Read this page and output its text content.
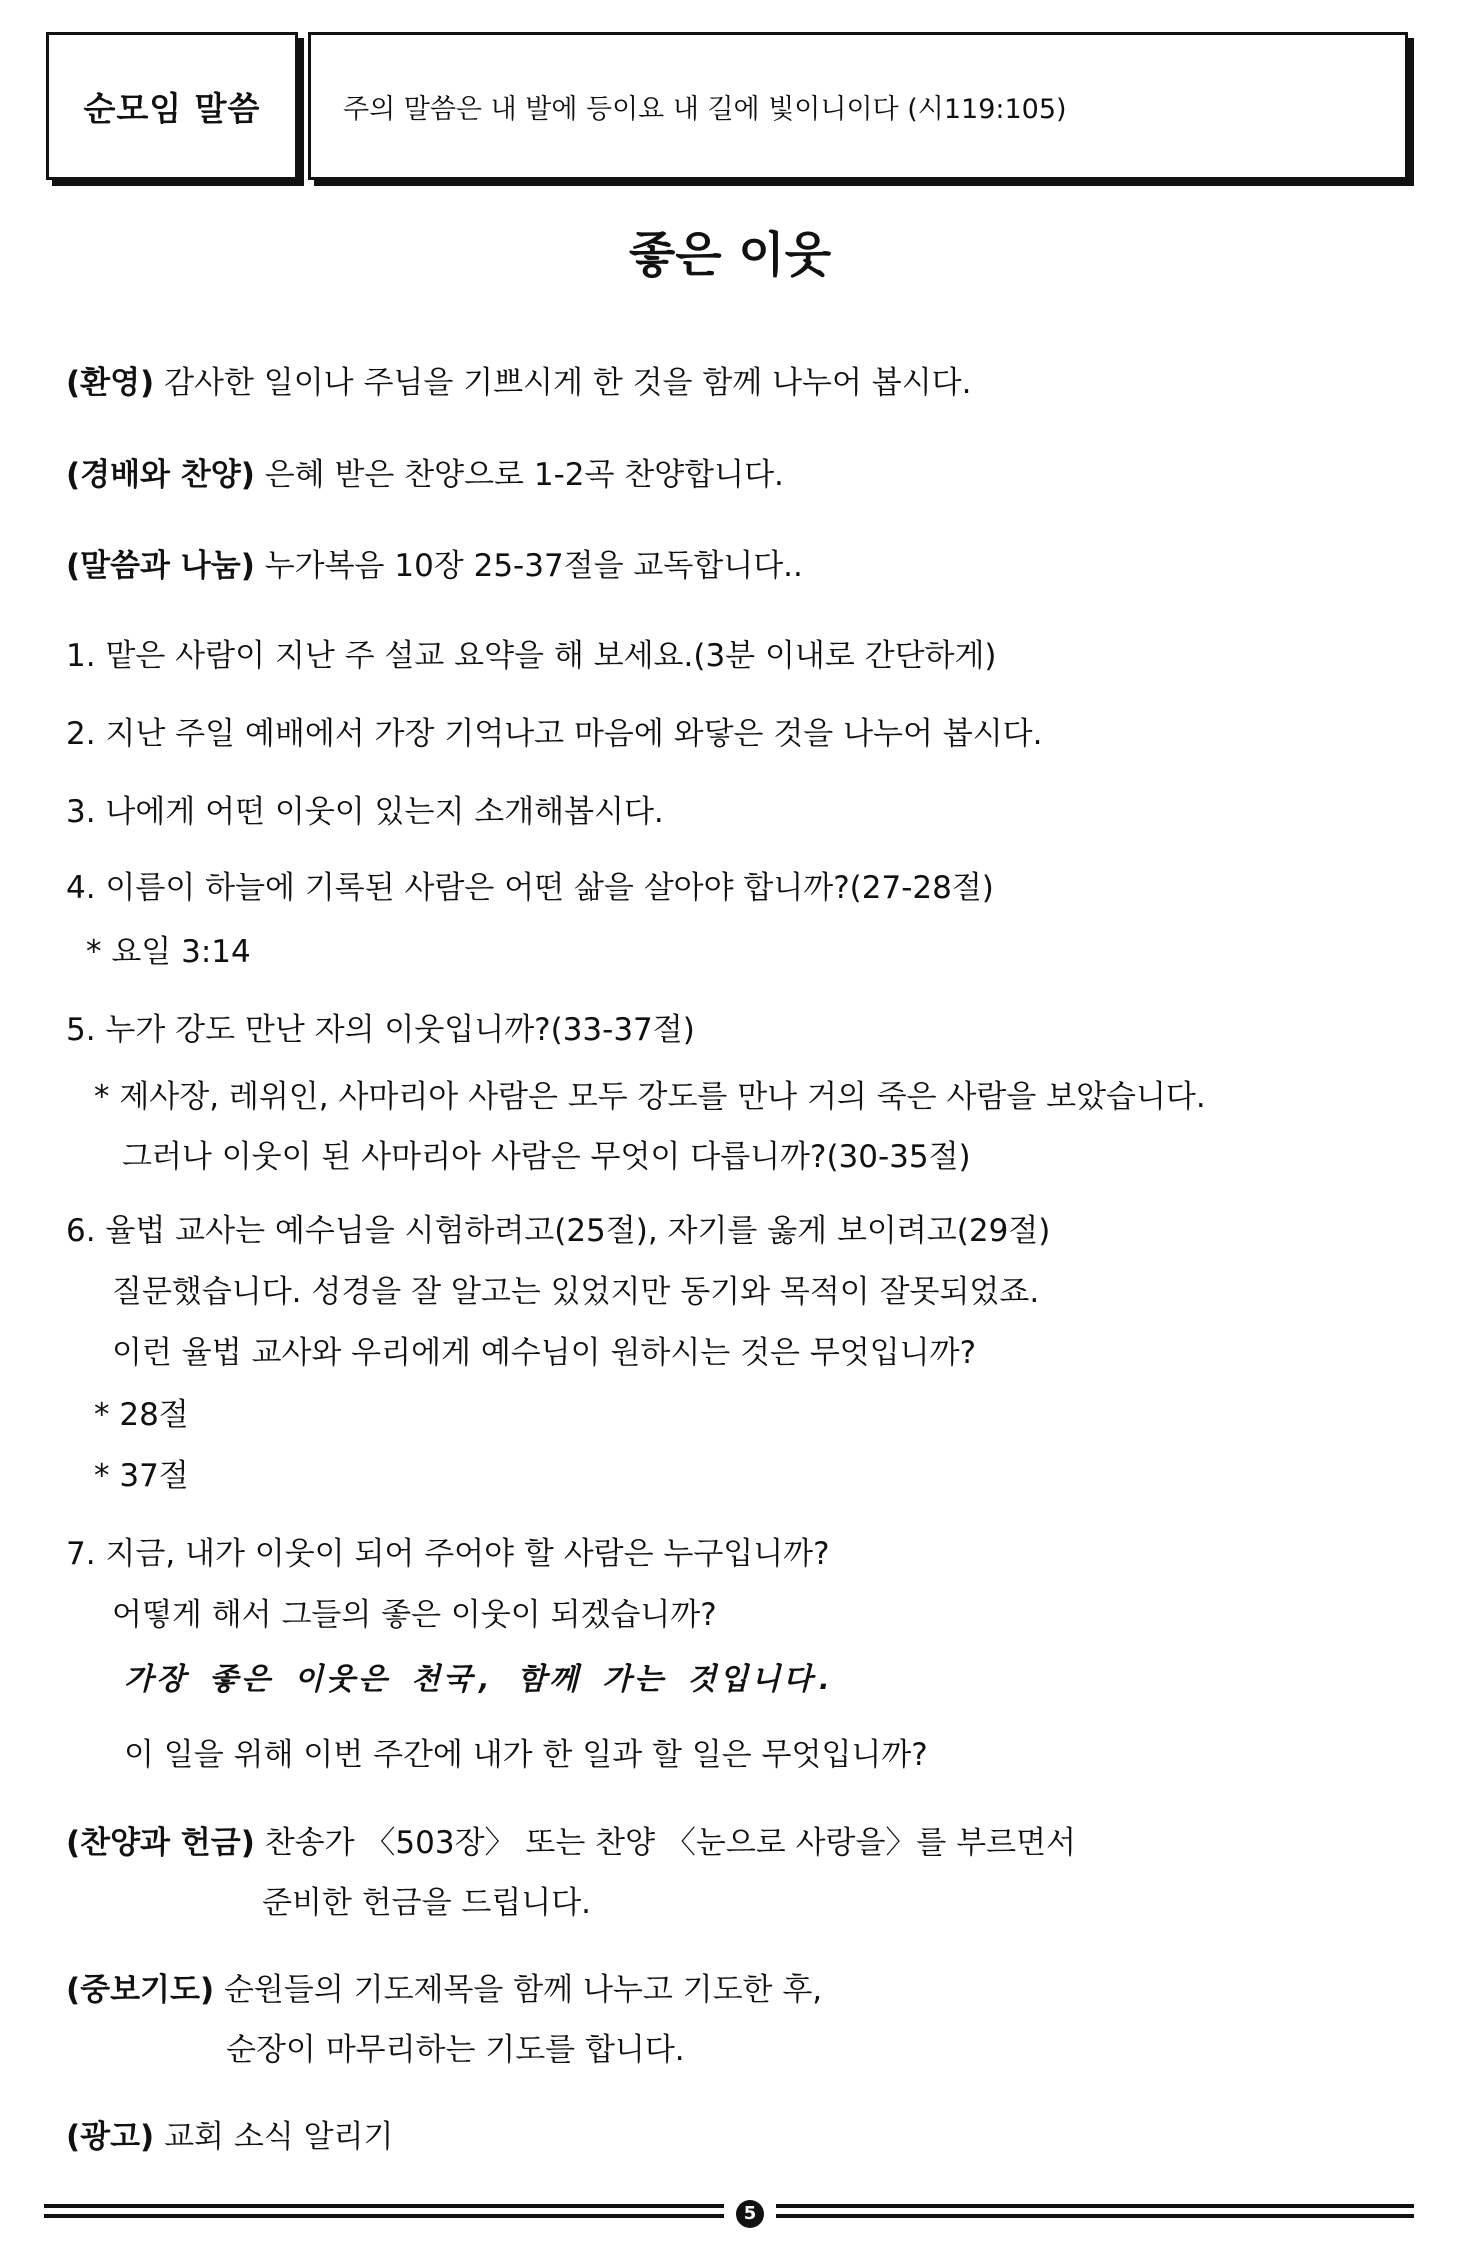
순모임 말씀	주의 말씀은 내 발에 등이요 내 길에 빛이니이다 (시119:105)
좋은 이웃
(환영) 감사한 일이나 주님을 기쁘시게 한 것을 함께 나누어 봅시다.
(경배와 찬양) 은혜 받은 찬양으로 1-2곡 찬양합니다.
(말씀과 나눔) 누가복음 10장 25-37절을 교독합니다..
1. 맡은 사람이 지난 주 설교 요약을 해 보세요.(3분 이내로 간단하게)
2. 지난 주일 예배에서 가장 기억나고 마음에 와닿은 것을 나누어 봅시다.
3. 나에게 어떤 이웃이 있는지 소개해봅시다.
4. 이름이 하늘에 기록된 사람은 어떤 삶을 살아야 합니까?(27-28절)
* 요일 3:14
5. 누가 강도 만난 자의 이웃입니까?(33-37절)
* 제사장, 레위인, 사마리아 사람은 모두 강도를 만나 거의 죽은 사람을 보았습니다.
그러나 이웃이 된 사마리아 사람은 무엇이 다릅니까?(30-35절)
6. 율법 교사는 예수님을 시험하려고(25절), 자기를 옳게 보이려고(29절)
질문했습니다. 성경을 잘 알고는 있었지만 동기와 목적이 잘못되었죠.
이런 율법 교사와 우리에게 예수님이 원하시는 것은 무엇입니까?
* 28절
* 37절
7. 지금, 내가 이웃이 되어 주어야 할 사람은 누구입니까?
어떻게 해서 그들의 좋은 이웃이 되겠습니까?
가장 좋은 이웃은 천국, 함께 가는 것입니다.
이 일을 위해 이번 주간에 내가 한 일과 할 일은 무엇입니까?
(찬양과 헌금) 찬송가 〈503장〉 또는 찬양 〈눈으로 사랑을〉를 부르면서
준비한 헌금을 드립니다.
(중보기도) 순원들의 기도제목을 함께 나누고 기도한 후,
순장이 마무리하는 기도를 합니다.
(광고) 교회 소식 알리기
5
